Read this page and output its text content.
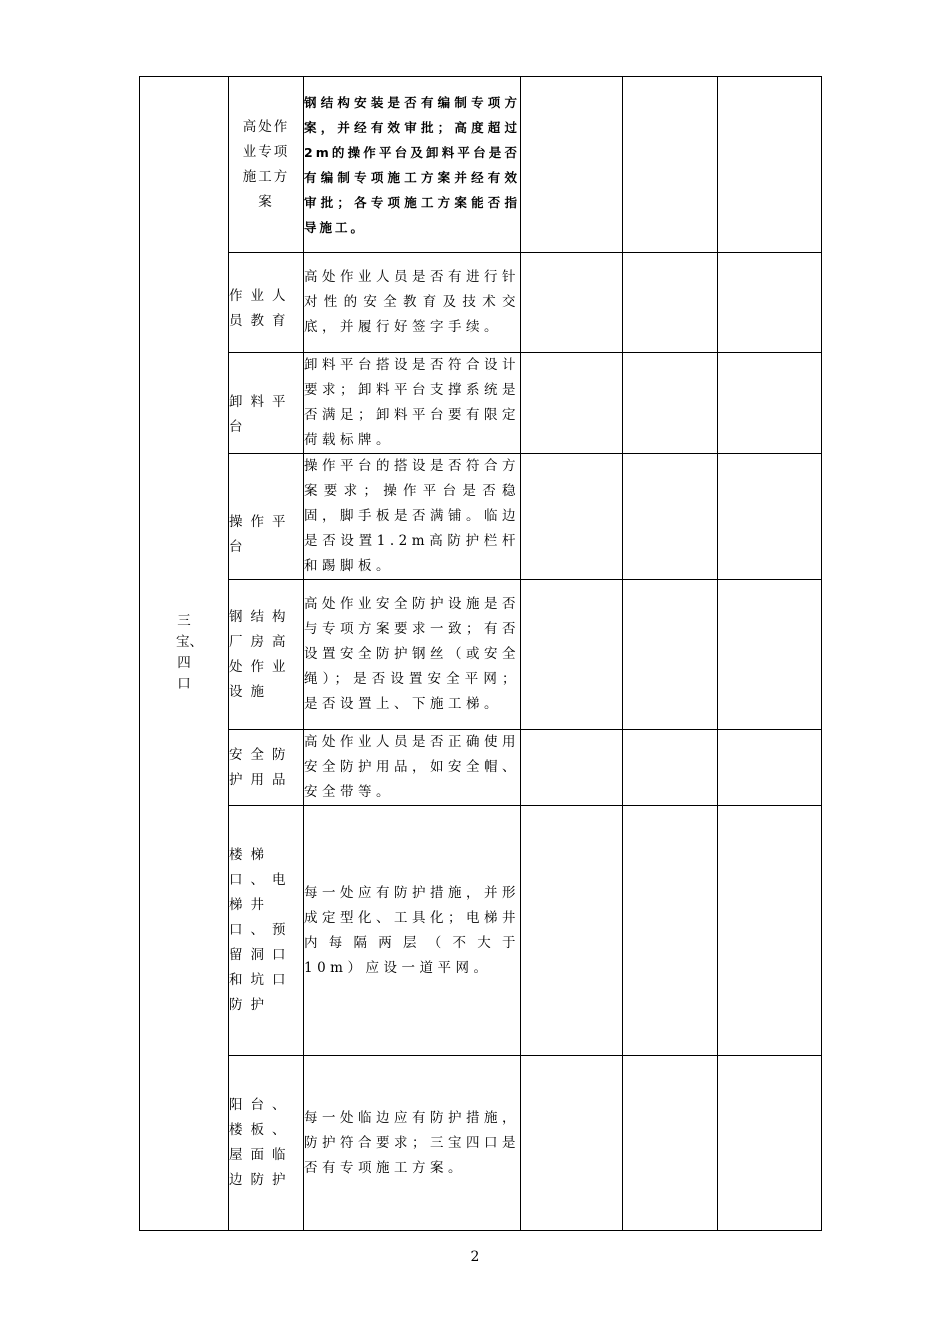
三宝、四口	高处作业专项施工方案	钢结构安装是否有编制专项方案，并经有效审批；高度超过2m的操作平台及卸料平台是否有编制专项施工方案并经有效审批；各专项施工方案能否指导施工。			
	作业人员教育	高处作业人员是否有进行针对性的安全教育及技术交底，并履行好签字手续。			
	卸料平台	卸料平台搭设是否符合设计要求；卸料平台支撑系统是否满足；卸料平台要有限定荷载标牌。			
	操作平台	操作平台的搭设是否符合方案要求；操作平台是否稳固，脚手板是否满铺。临边是否设置1.2m高防护栏杆和踢脚板。			
	钢结构厂房高处作业设施	高处作业安全防护设施是否与专项方案要求一致；有否设置安全防护钢丝（或安全绳）；是否设置安全平网；是否设置上、下施工梯。			
	安全防护用品	高处作业人员是否正确使用安全防护用品，如安全帽、安全带等。			
	楼梯口、电梯井口、预留洞口和坑口防护	每一处应有防护措施，并形成定型化、工具化；电梯井内每隔两层（不大于10m）应设一道平网。			
	阳台、楼板、屋面临边防护	每一处临边应有防护措施，防护符合要求；三宝四口是否有专项施工方案。			
2
